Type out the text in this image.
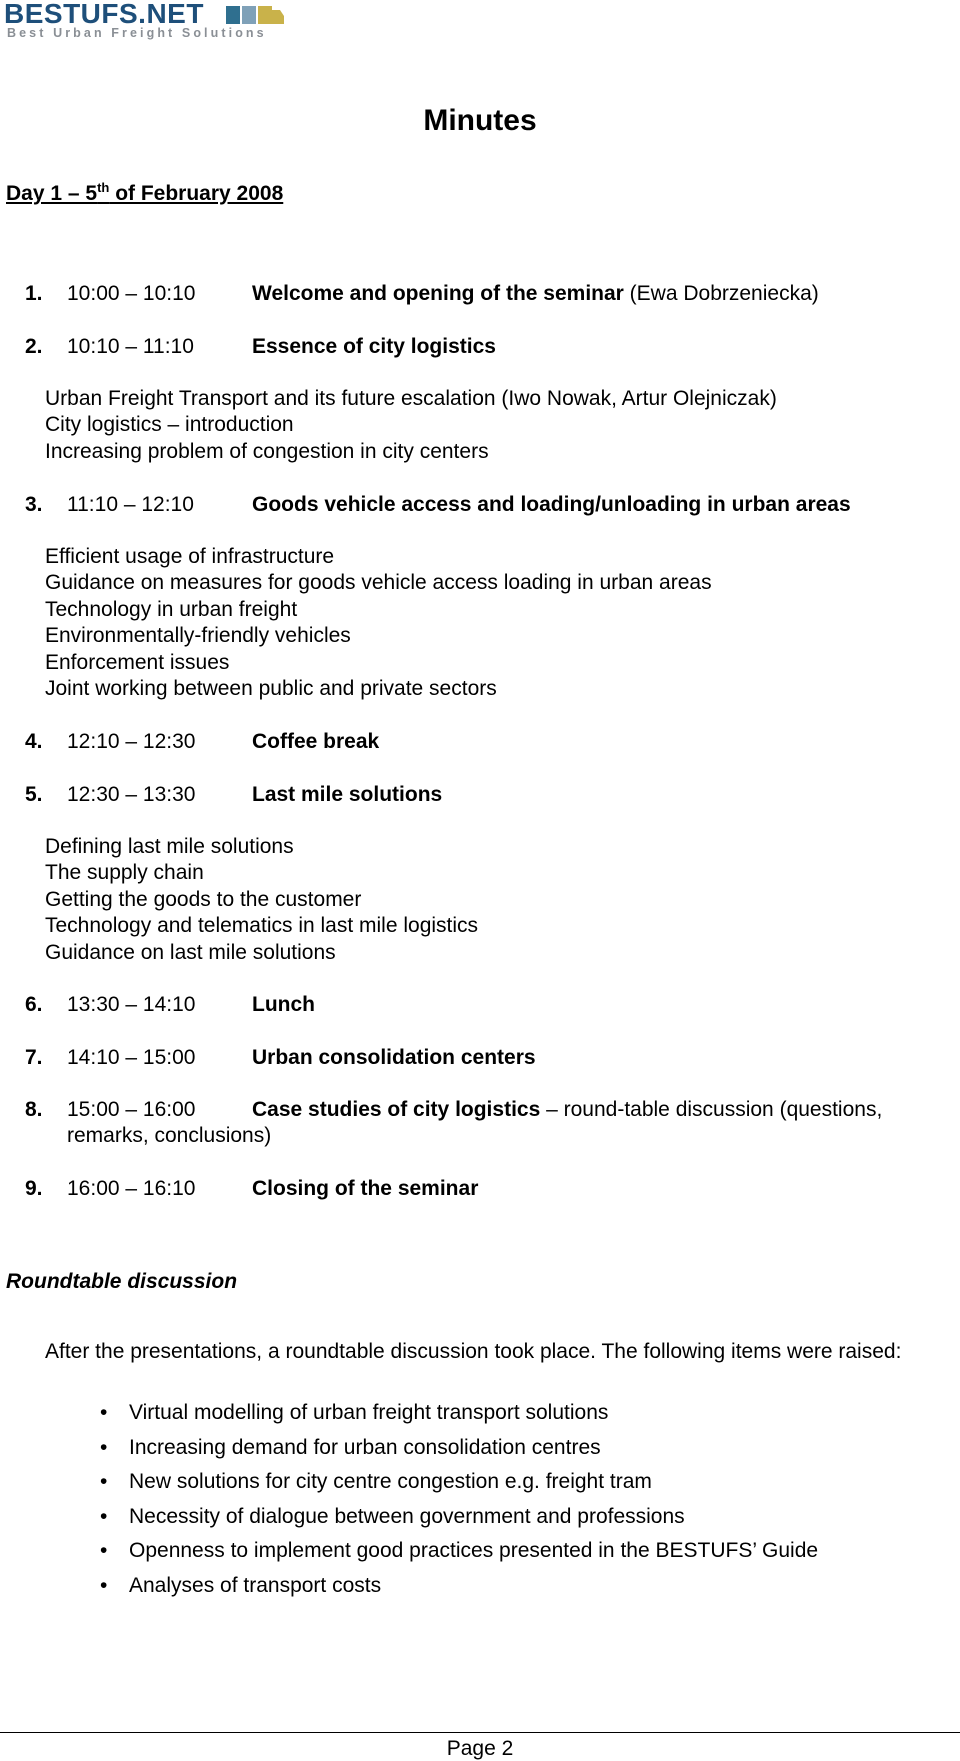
BESTUFS.NET
Best Urban Freight Solutions
Minutes
Day 1 – 5th of February 2008
1. 10:00 – 10:10	Welcome and opening of the seminar (Ewa Dobrzeniecka)
2. 10:10 – 11:10	Essence of city logistics
Urban Freight Transport and its future escalation (Iwo Nowak, Artur Olejniczak)
City logistics – introduction
Increasing problem of congestion in city centers
3. 11:10 – 12:10	Goods vehicle access and loading/unloading in urban areas
Efficient usage of infrastructure
Guidance on measures for goods vehicle access loading in urban areas
Technology in urban freight
Environmentally-friendly vehicles
Enforcement issues
Joint working between public and private sectors
4. 12:10 – 12:30	Coffee break
5. 12:30 – 13:30	Last mile solutions
Defining last mile solutions
The supply chain
Getting the goods to the customer
Technology and telematics in last mile logistics
Guidance on last mile solutions
6. 13:30 – 14:10	Lunch
7. 14:10 – 15:00	Urban consolidation centers
8. 15:00 – 16:00	Case studies of city logistics – round-table discussion (questions,
remarks, conclusions)
9. 16:00 – 16:10	Closing of the seminar
Roundtable discussion
After the presentations, a roundtable discussion took place. The following items were raised:
• Virtual modelling of urban freight transport solutions
• Increasing demand for urban consolidation centres
• New solutions for city centre congestion e.g. freight tram
• Necessity of dialogue between government and professions
• Openness to implement good practices presented in the BESTUFS’ Guide
• Analyses of transport costs
Page 2
